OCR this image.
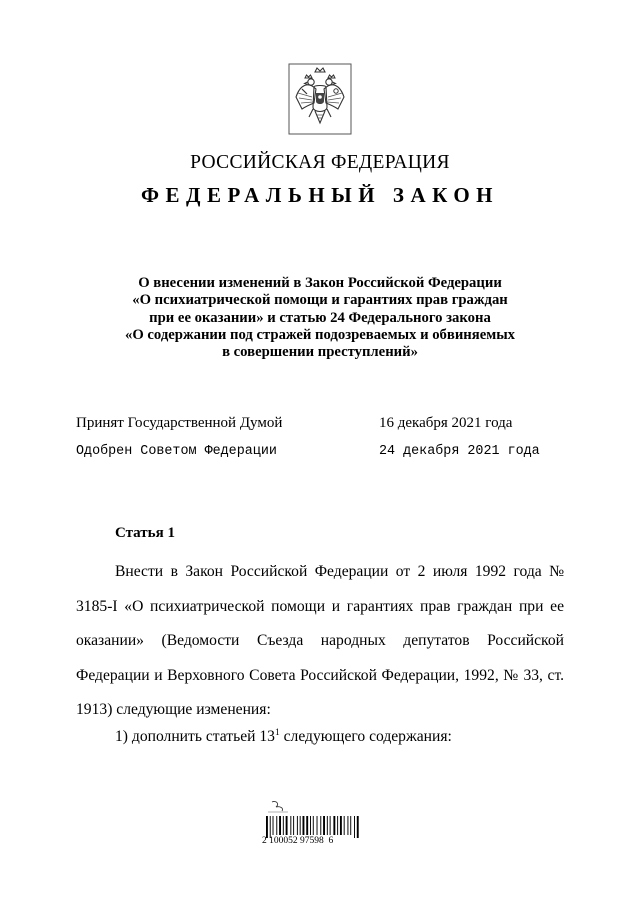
РОССИЙСКАЯ ФЕДЕРАЦИЯ
ФЕДЕРАЛЬНЫЙ ЗАКОН
О внесении изменений в Закон Российской Федерации
«О психиатрической помощи и гарантиях прав граждан
при ее оказании» и статью 24 Федерального закона
«О содержании под стражей подозреваемых и обвиняемых
в совершении преступлений»
Принят Государственной Думой	16 декабря 2021 года
Одобрен Советом Федерации	24 декабря 2021 года
Статья 1

Внести в Закон Российской Федерации от 2 июля 1992 года № 3185-I «О психиатрической помощи и гарантиях прав граждан при ее оказании» (Ведомости Съезда народных депутатов Российской Федерации и Верховного Совета Российской Федерации, 1992, № 33, ст. 1913) следующие изменения:

1) дополнить статьей $13^1$ следующего содержания:
2 100052 97598  6
